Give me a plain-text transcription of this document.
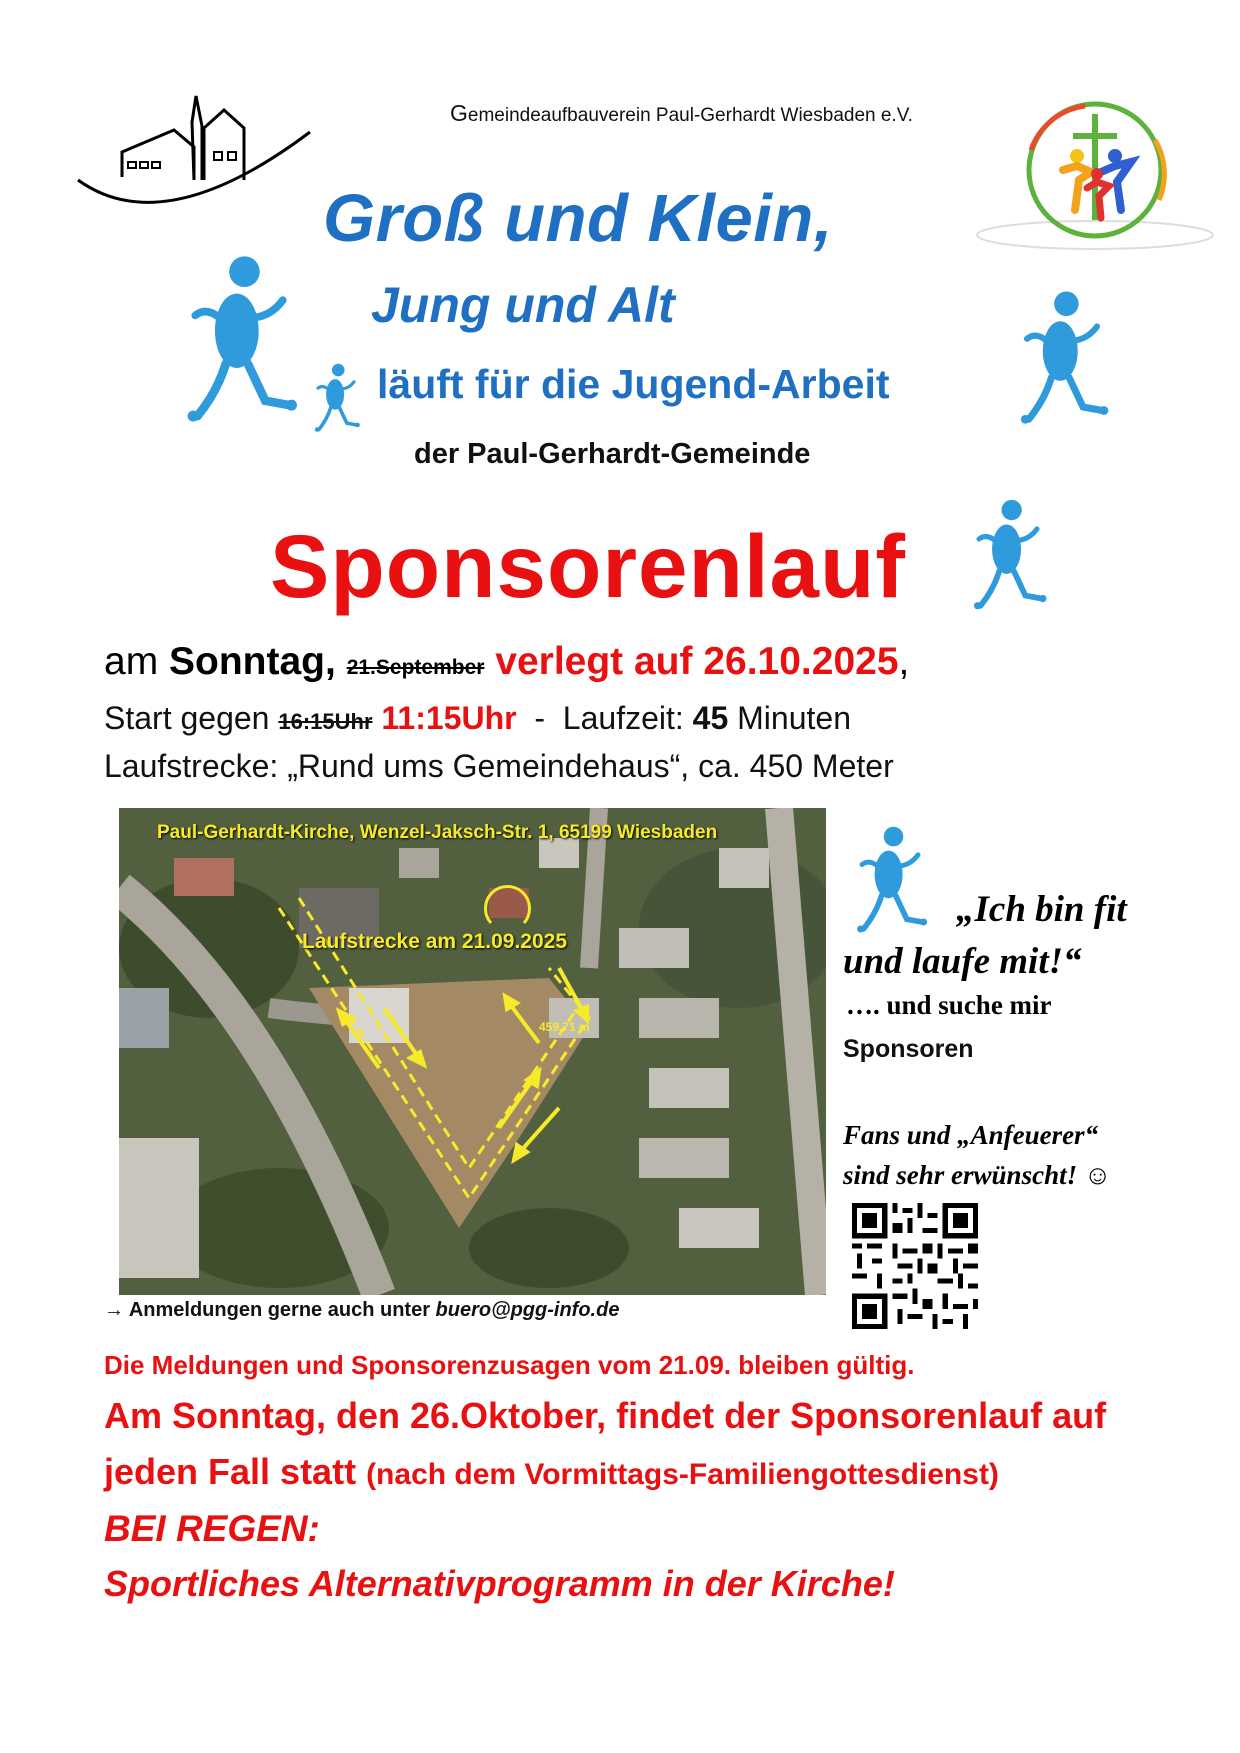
Gemeindeaufbauverein Paul-Gerhardt Wiesbaden e.V.
Groß und Klein,
Jung und Alt
läuft für die Jugend-Arbeit
der Paul-Gerhardt-Gemeinde
Sponsorenlauf
am Sonntag, 21.September verlegt auf 26.10.2025,
Start gegen 16:15Uhr 11:15Uhr  -  Laufzeit: 45 Minuten
Laufstrecke: „Rund ums Gemeindehaus“, ca. 450 Meter
Paul-Gerhardt-Kirche, Wenzel-Jaksch-Str. 1, 65199 Wiesbaden
Laufstrecke am 21.09.2025
459,71 m
→ Anmeldungen gerne auch unter buero@pgg-info.de
„Ich bin fit
und laufe mit!“
…. und suche mir
Sponsoren
Fans und „Anfeuerer“
sind sehr erwünscht! ☺
Die Meldungen und Sponsorenzusagen vom 21.09. bleiben gültig.
Am Sonntag, den 26.Oktober, findet der Sponsorenlauf auf
jeden Fall statt (nach dem Vormittags-Familiengottesdienst)
BEI REGEN:
Sportliches Alternativprogramm in der Kirche!
